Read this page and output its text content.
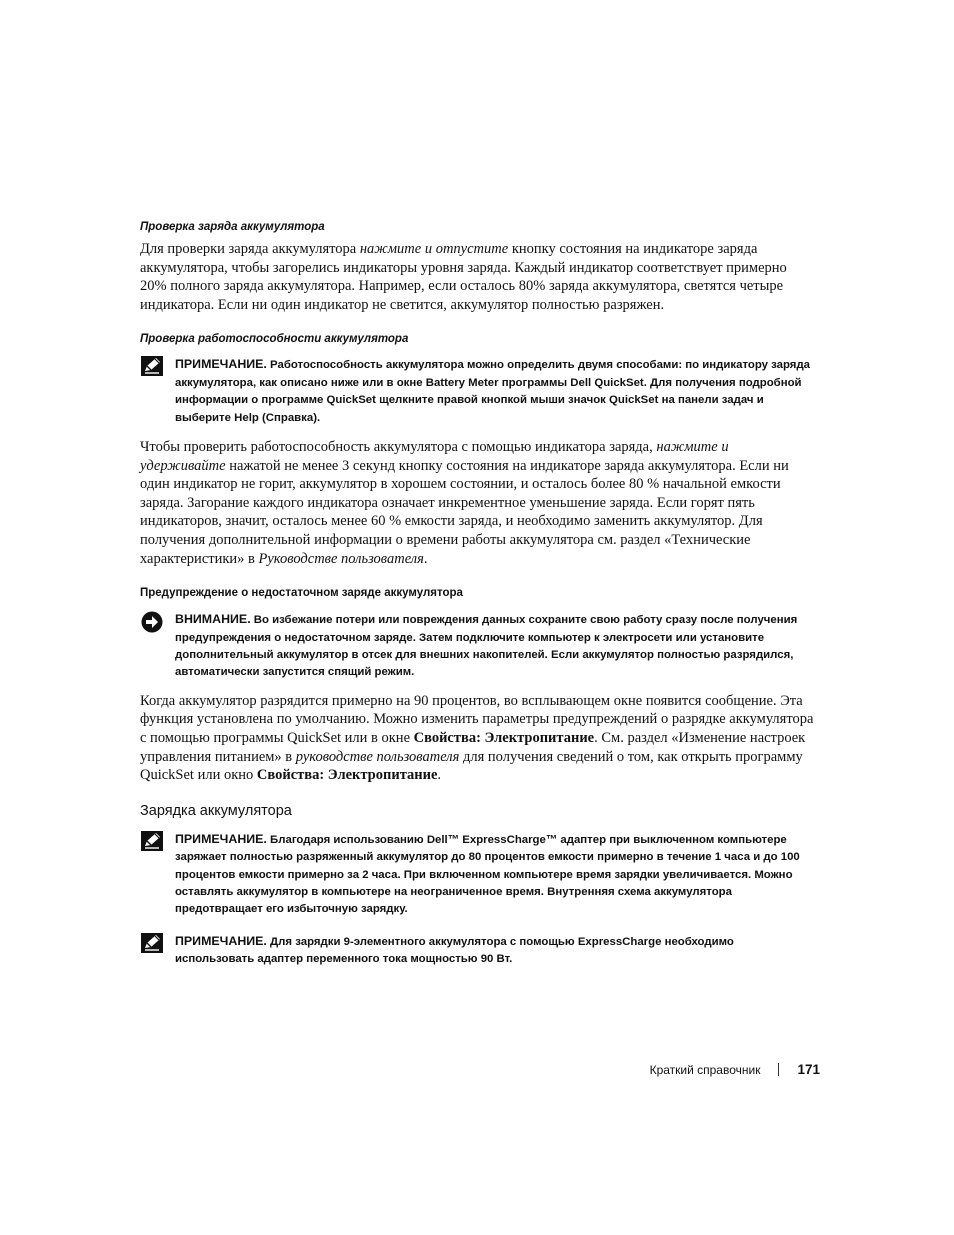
Проверка заряда аккумулятора

Для проверки заряда аккумулятора нажмите и отпустите кнопку состояния на индикаторе заряда аккумулятора, чтобы загорелись индикаторы уровня заряда. Каждый индикатор соответствует примерно 20% полного заряда аккумулятора. Например, если осталось 80% заряда аккумулятора, светятся четыре индикатора. Если ни один индикатор не светится, аккумулятор полностью разряжен.

Проверка работоспособности аккумулятора

ПРИМЕЧАНИЕ. Работоспособность аккумулятора можно определить двумя способами: по индикатору заряда аккумулятора, как описано ниже или в окне Battery Meter программы Dell QuickSet. Для получения подробной информации о программе QuickSet щелкните правой кнопкой мыши значок QuickSet на панели задач и выберите Help (Справка).

Чтобы проверить работоспособность аккумулятора с помощью индикатора заряда, нажмите и удерживайте нажатой не менее 3 секунд кнопку состояния на индикаторе заряда аккумулятора. Если ни один индикатор не горит, аккумулятор в хорошем состоянии, и осталось более 80 % начальной емкости заряда. Загорание каждого индикатора означает инкрементное уменьшение заряда. Если горят пять индикаторов, значит, осталось менее 60 % емкости заряда, и необходимо заменить аккумулятор. Для получения дополнительной информации о времени работы аккумулятора см. раздел «Технические характеристики» в Руководстве пользователя.

Предупреждение о недостаточном заряде аккумулятора

ВНИМАНИЕ. Во избежание потери или повреждения данных сохраните свою работу сразу после получения предупреждения о недостаточном заряде. Затем подключите компьютер к электросети или установите дополнительный аккумулятор в отсек для внешних накопителей. Если аккумулятор полностью разрядился, автоматически запустится спящий режим.

Когда аккумулятор разрядится примерно на 90 процентов, во всплывающем окне появится сообщение. Эта функция установлена по умолчанию. Можно изменить параметры предупреждений о разрядке аккумулятора с помощью программы QuickSet или в окне Свойства: Электропитание. См. раздел «Изменение настроек управления питанием» в руководстве пользователя для получения сведений о том, как открыть программу QuickSet или окно Свойства: Электропитание.

Зарядка аккумулятора

ПРИМЕЧАНИЕ. Благодаря использованию Dell™ ExpressCharge™ адаптер при выключенном компьютере заряжает полностью разряженный аккумулятор до 80 процентов емкости примерно в течение 1 часа и до 100 процентов емкости примерно за 2 часа. При включенном компьютере время зарядки увеличивается. Можно оставлять аккумулятор в компьютере на неограниченное время. Внутренняя схема аккумулятора предотвращает его избыточную зарядку.
ПРИМЕЧАНИЕ. Для зарядки 9-элементного аккумулятора с помощью ExpressCharge необходимо использовать адаптер переменного тока мощностью 90 Вт.
Краткий справочник	171
